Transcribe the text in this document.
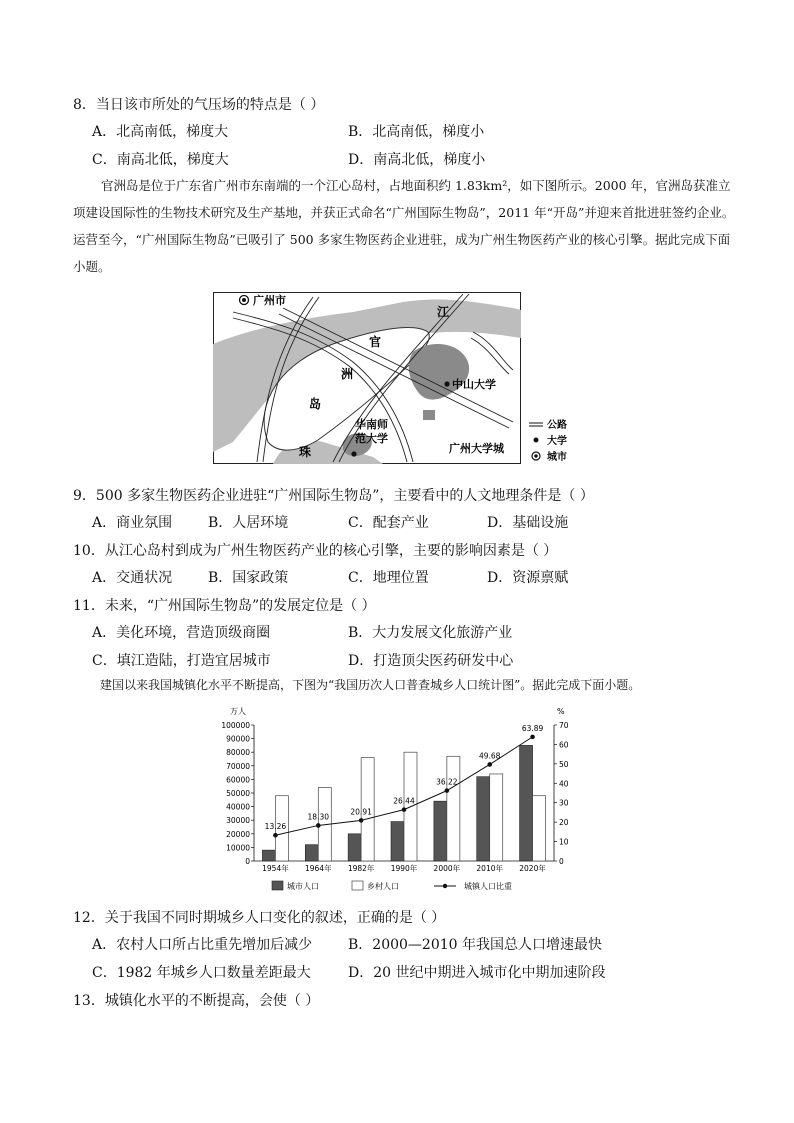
8．当日该市所处的气压场的特点是（ ）
A．北高南低，梯度大	B．北高南低，梯度小
C．南高北低，梯度大	D．南高北低，梯度小
官洲岛是位于广东省广州市东南端的一个江心岛村，占地面积约 1.83km²，如下图所示。2000 年，官洲岛获准立项建设国际性的生物技术研究及生产基地，并获正式命名“广州国际生物岛”，2011 年“开岛”并迎来首批进驻签约企业。运营至今，“广州国际生物岛”已吸引了 500 多家生物医药企业进驻，成为广州生物医药产业的核心引擎。据此完成下面小题。
广州市
江
官
洲
岛
珠
中山大学
华南师
范大学
广州大学城
公路
大学
城市
9．500 多家生物医药企业进驻“广州国际生物岛”，主要看中的人文地理条件是（ ）
A．商业氛围	B．人居环境	C．配套产业	D．基础设施
10．从江心岛村到成为广州生物医药产业的核心引擎，主要的影响因素是（ ）
A．交通状况	B．国家政策	C．地理位置	D．资源禀赋
11．未来，“广州国际生物岛”的发展定位是（ ）
A．美化环境，营造顶级商圈	B．大力发展文化旅游产业
C．填江造陆，打造宜居城市	D．打造顶尖医药研发中心
建国以来我国城镇化水平不断提高，下图为“我国历次人口普查城乡人口统计图”。据此完成下面小题。
0
10000
20000
30000
40000
50000
60000
70000
80000
90000
100000
万人
0
10
20
30
40
50
60
70
%
1954年 1964年 1982年 1990年 2000年 2010年 2020年
13.26
18.30
20.91
26.44
36.22
49.68
63.89
城市人口	乡村人口	城镇人口比重
12．关于我国不同时期城乡人口变化的叙述，正确的是（ ）
A．农村人口所占比重先增加后减少	B．2000—2010 年我国总人口增速最快
C．1982 年城乡人口数量差距最大	D．20 世纪中期进入城市化中期加速阶段
13．城镇化水平的不断提高，会使（ ）
